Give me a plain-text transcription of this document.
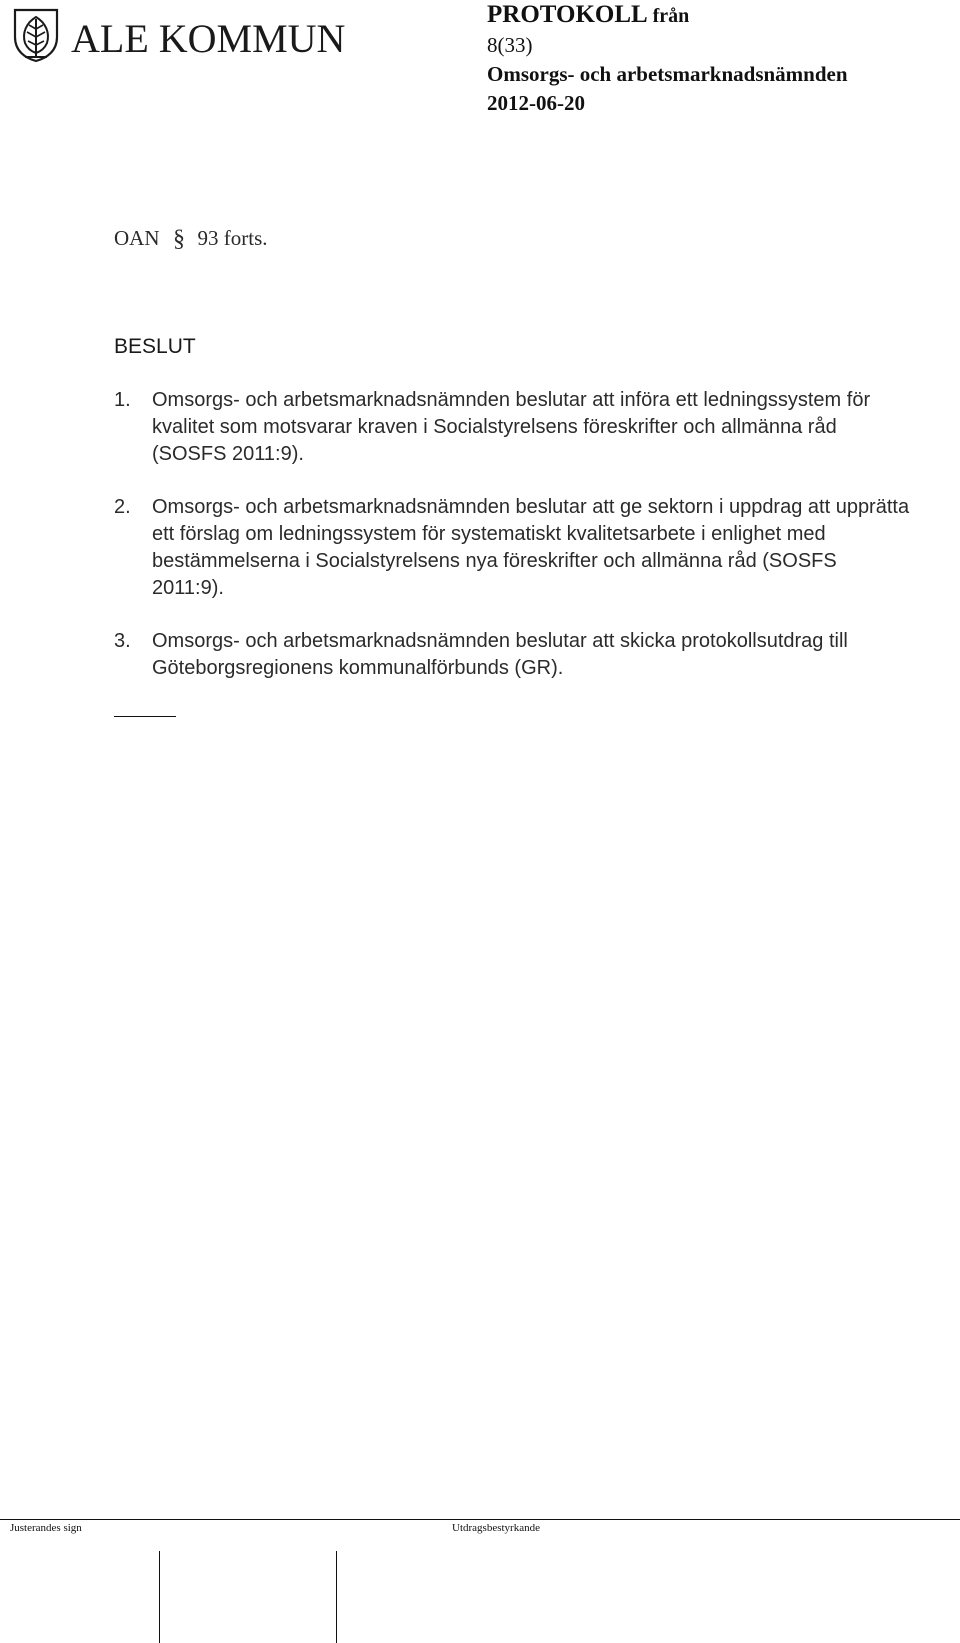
ALE KOMMUN
PROTOKOLL från
8(33)
Omsorgs- och arbetsmarknadsnämnden
2012-06-20
OAN § 93 forts.
BESLUT
1. Omsorgs- och arbetsmarknadsnämnden beslutar att införa ett ledningssystem för kvalitet som motsvarar kraven i Socialstyrelsens föreskrifter och allmänna råd (SOSFS 2011:9).
2. Omsorgs- och arbetsmarknadsnämnden beslutar att ge sektorn i uppdrag att upprätta ett förslag om ledningssystem för systematiskt kvalitetsarbete i enlighet med bestämmelserna i Socialstyrelsens nya föreskrifter och allmänna råd (SOSFS 2011:9).
3. Omsorgs- och arbetsmarknadsnämnden beslutar att skicka protokollsutdrag till Göteborgsregionens kommunalförbunds (GR).
Justerandes sign	Utdragsbestyrkande
